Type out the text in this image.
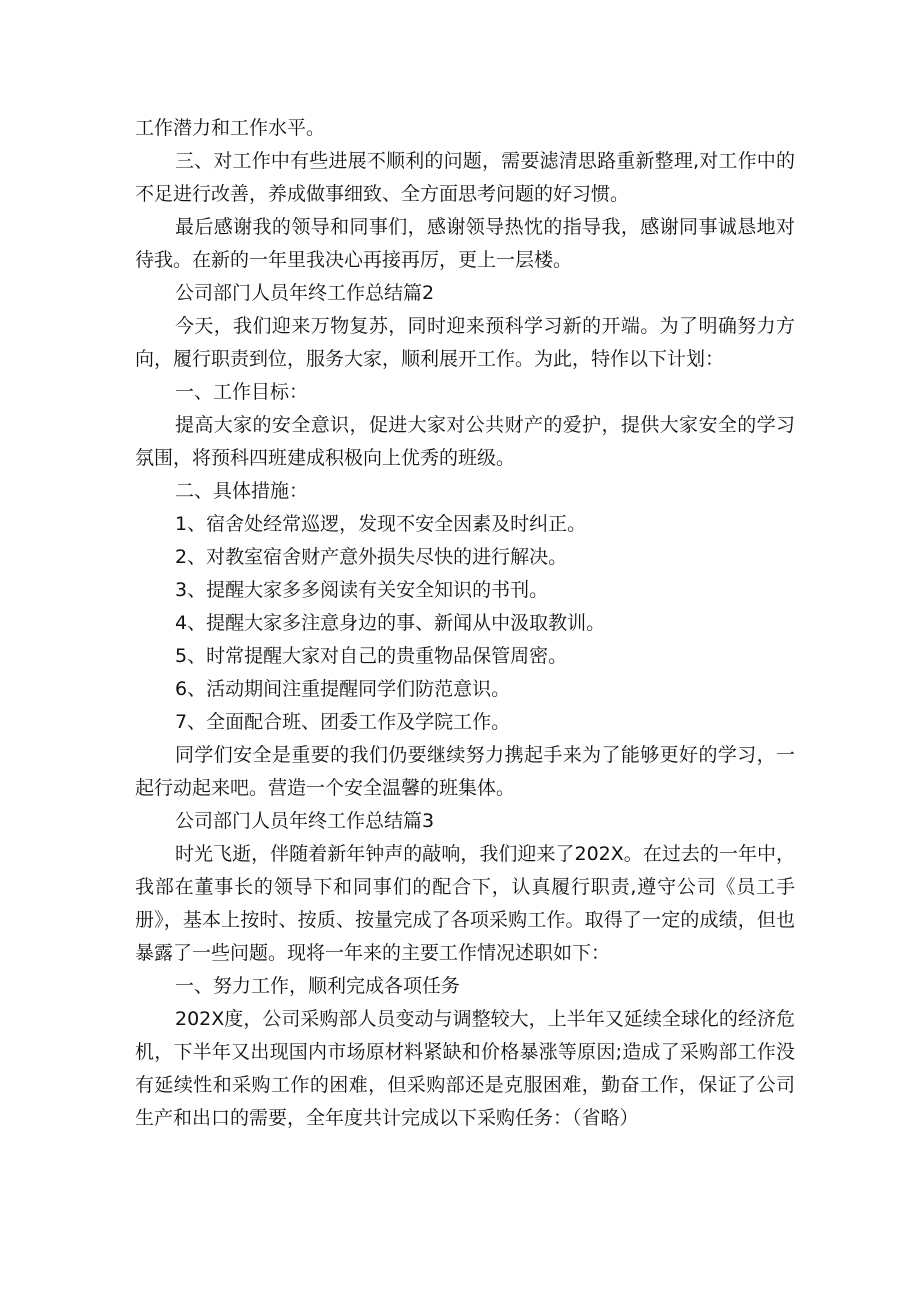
工作潜力和工作水平。

三、对工作中有些进展不顺利的问题，需要滤清思路重新整理,对工作中的不足进行改善，养成做事细致、全方面思考问题的好习惯。

最后感谢我的领导和同事们，感谢领导热忱的指导我，感谢同事诚恳地对待我。在新的一年里我决心再接再厉，更上一层楼。

公司部门人员年终工作总结篇2

今天，我们迎来万物复苏，同时迎来预科学习新的开端。为了明确努力方向，履行职责到位，服务大家，顺利展开工作。为此，特作以下计划：

一、工作目标：

提高大家的安全意识，促进大家对公共财产的爱护，提供大家安全的学习氛围，将预科四班建成积极向上优秀的班级。

二、具体措施：

1、宿舍处经常巡逻，发现不安全因素及时纠正。

2、对教室宿舍财产意外损失尽快的进行解决。

3、提醒大家多多阅读有关安全知识的书刊。

4、提醒大家多注意身边的事、新闻从中汲取教训。

5、时常提醒大家对自己的贵重物品保管周密。

6、活动期间注重提醒同学们防范意识。

7、全面配合班、团委工作及学院工作。

同学们安全是重要的我们仍要继续努力携起手来为了能够更好的学习，一起行动起来吧。营造一个安全温馨的班集体。

公司部门人员年终工作总结篇3

时光飞逝，伴随着新年钟声的敲响，我们迎来了202X。在过去的一年中，我部在董事长的领导下和同事们的配合下，认真履行职责,遵守公司《员工手册》，基本上按时、按质、按量完成了各项采购工作。取得了一定的成绩，但也暴露了一些问题。现将一年来的主要工作情况述职如下：

一、努力工作，顺利完成各项任务

202X度，公司采购部人员变动与调整较大，上半年又延续全球化的经济危机，下半年又出现国内市场原材料紧缺和价格暴涨等原因;造成了采购部工作没有延续性和采购工作的困难，但采购部还是克服困难，勤奋工作，保证了公司生产和出口的需要，全年度共计完成以下采购任务：（省略）
